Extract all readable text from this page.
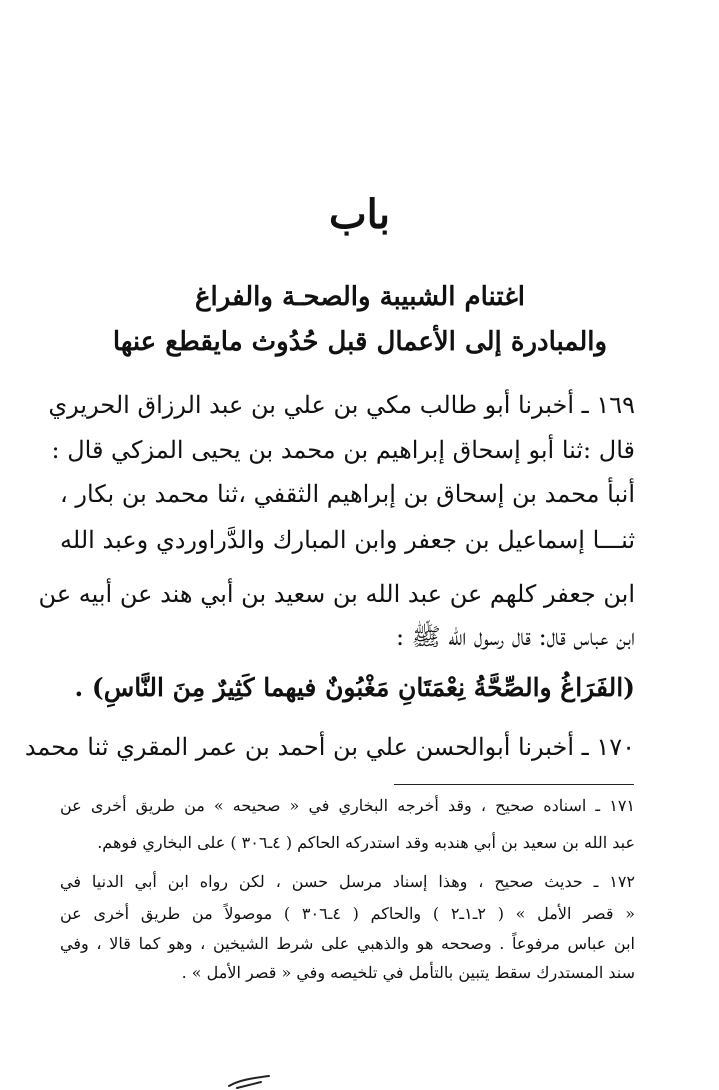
باب
اغتنام الشبيبة والصحـة والفراغ
والمبادرة إلى الأعمال قبل حُدُوث مايقطع عنها
١٦٩ ـ أخبرنا أبو طالب مكي بن علي بن عبد الرزاق الحريري
قال :ثنا أبو إسحاق إبراهيم بن محمد بن يحيى المزكي قال :
أنبأ محمد بن إسحاق بن إبراهيم الثقفي ،ثنا محمد بن بكار ،
ثنـــا إسماعيل بن جعفر وابن المبارك والدَّراوردي وعبد الله
ابن جعفر كلهم عن عبد الله بن سعيد بن أبي هند عن أبيه عن
ابن عباس قال: قال رسول الله ﷺ :
(الفَرَاغُ والصِّحَّةُ نِعْمَتَانِ مَغْبُونٌ فيهما كَثِيرٌ مِنَ النَّاسِ) .
١٧٠ ـ أخبرنا أبوالحسن علي بن أحمد بن عمر المقري ثنا محمد
١٧١ ـ اسناده صحيح ، وقد أخرجه البخاري في « صحيحه » من طريق أخرى عن
عبد الله بن سعيد بن أبي هندبه وقد استدركه الحاكم ( ٤ـ٣٠٦ ) على البخاري فوهم.
١٧٢ ـ حديث صحيح ، وهذا إسناد مرسل حسن ، لكن رواه ابن أبي الدنيا في
« قصر الأمل » ( ٢ـ١ـ٢ ) والحاكم ( ٤ـ٣٠٦ ) موصولاً من طريق أخرى عن
ابن عباس مرفوعاً . وصححه هو والذهبي على شرط الشيخين ، وهو كما قالا ، وفي
سند المستدرك سقط يتبين بالتأمل في تلخيصه وفي « قصر الأمل » .
